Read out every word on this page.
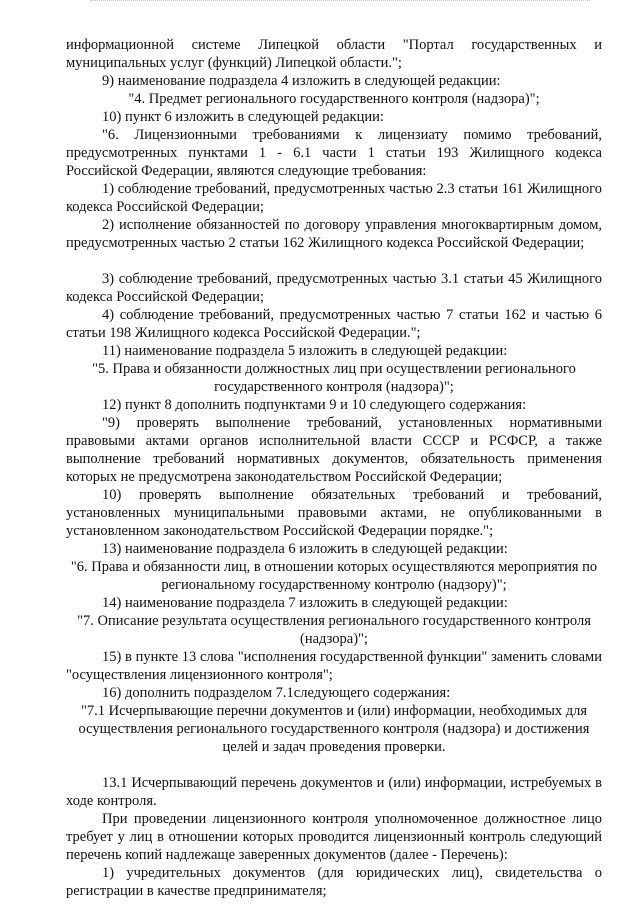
информационной системе Липецкой области "Портал государственных и муниципальных услуг (функций) Липецкой области.";

9) наименование подраздела 4 изложить в следующей редакции:

"4. Предмет регионального государственного контроля (надзора)";

10) пункт 6 изложить в следующей редакции:

"6. Лицензионными требованиями к лицензиату помимо требований, предусмотренных пунктами 1 - 6.1 части 1 статьи 193 Жилищного кодекса Российской Федерации, являются следующие требования:

1) соблюдение требований, предусмотренных частью 2.3 статьи 161 Жилищного кодекса Российской Федерации;

2) исполнение обязанностей по договору управления многоквартирным домом, предусмотренных частью 2 статьи 162 Жилищного кодекса Российской Федерации;

3) соблюдение требований, предусмотренных частью 3.1 статьи 45 Жилищного кодекса Российской Федерации;

4) соблюдение требований, предусмотренных частью 7 статьи 162 и частью 6 статьи 198 Жилищного кодекса Российской Федерации.";

11) наименование подраздела 5 изложить в следующей редакции:

"5. Права и обязанности должностных лиц при осуществлении регионального государственного контроля (надзора)";

12) пункт 8 дополнить подпунктами 9 и 10 следующего содержания:

"9) проверять выполнение требований, установленных нормативными правовыми актами органов исполнительной власти СССР и РСФСР, а также выполнение требований нормативных документов, обязательность применения которых не предусмотрена законодательством Российской Федерации;

10) проверять выполнение обязательных требований и требований, установленных муниципальными правовыми актами, не опубликованными в установленном законодательством Российской Федерации порядке.";

13) наименование подраздела 6 изложить в следующей редакции:

"6. Права и обязанности лиц, в отношении которых осуществляются мероприятия по региональному государственному контролю (надзору)";

14) наименование подраздела 7 изложить в следующей редакции:

"7. Описание результата осуществления регионального государственного контроля (надзора)";

15) в пункте 13 слова "исполнения государственной функции" заменить словами "осуществления лицензионного контроля";

16) дополнить подразделом 7.1следующего содержания:

"7.1 Исчерпывающие перечни документов и (или) информации, необходимых для осуществления регионального государственного контроля (надзора) и достижения целей и задач проведения проверки.

13.1 Исчерпывающий перечень документов и (или) информации, истребуемых в ходе контроля.

При проведении лицензионного контроля уполномоченное должностное лицо требует у лиц в отношении которых проводится лицензионный контроль следующий перечень копий надлежаще заверенных документов (далее - Перечень):

1) учредительных документов (для юридических лиц), свидетельства о регистрации в качестве предпринимателя;
